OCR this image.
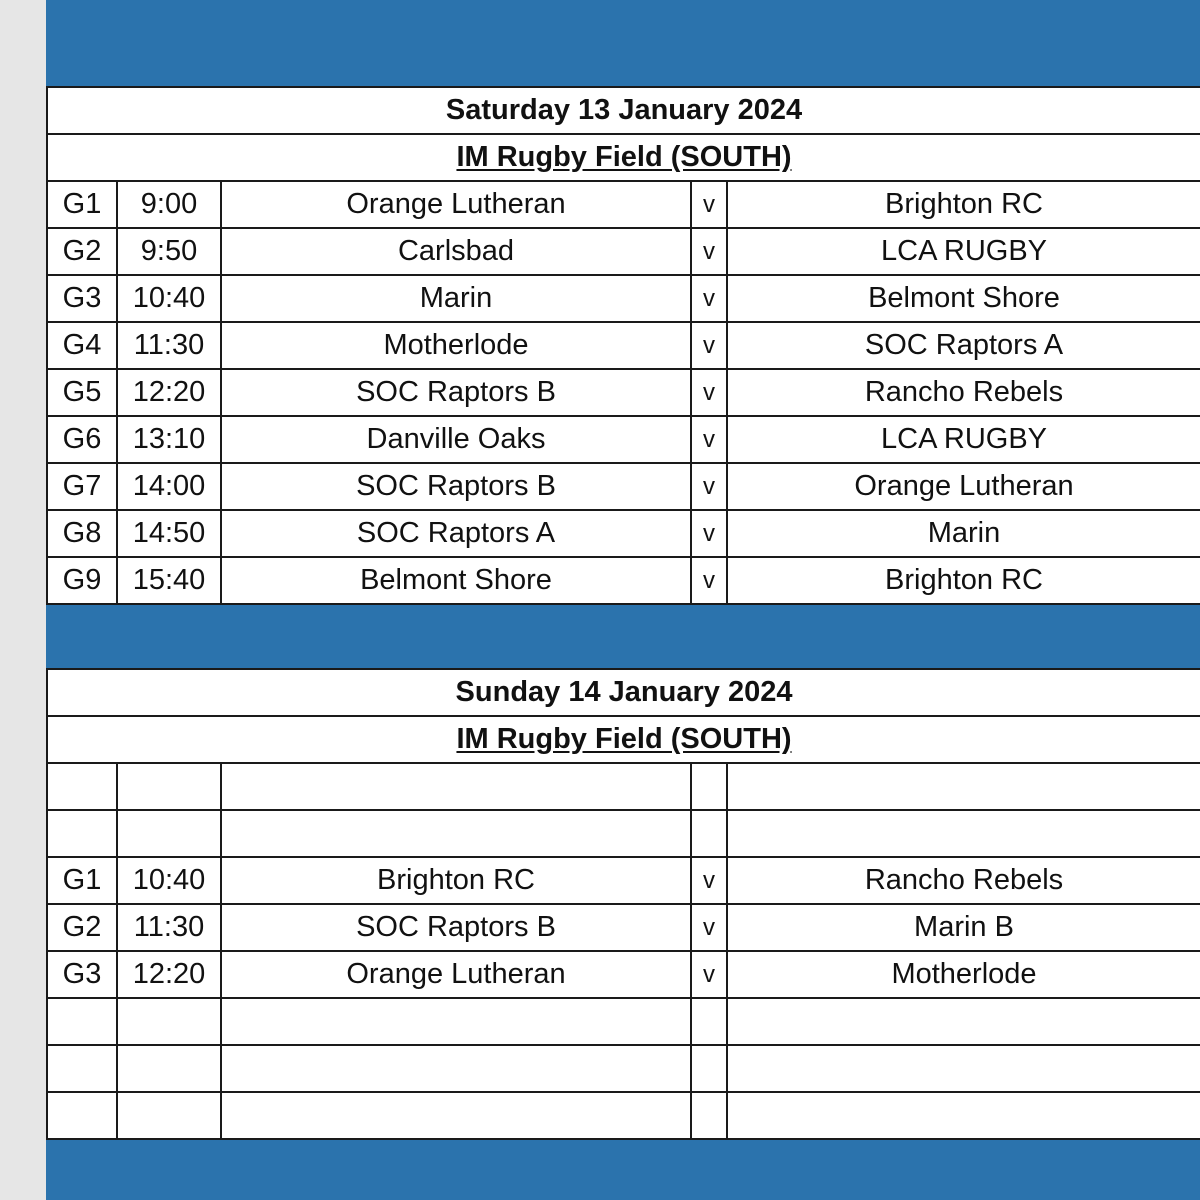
Saturday 13 January 2024				
IM Rugby Field (SOUTH)				
G1	9:00	Orange Lutheran	v	Brighton RC
G2	9:50	Carlsbad	v	LCA RUGBY
G3	10:40	Marin	v	Belmont Shore
G4	11:30	Motherlode	v	SOC Raptors A
G5	12:20	SOC Raptors B	v	Rancho Rebels
G6	13:10	Danville Oaks	v	LCA RUGBY
G7	14:00	SOC Raptors B	v	Orange Lutheran
G8	14:50	SOC Raptors A	v	Marin
G9	15:40	Belmont Shore	v	Brighton RC
Sunday 14 January 2024				
IM Rugby Field (SOUTH)				

G1	10:40	Brighton RC	v	Rancho Rebels
G2	11:30	SOC Raptors B	v	Marin B
G3	12:20	Orange Lutheran	v	Motherlode
